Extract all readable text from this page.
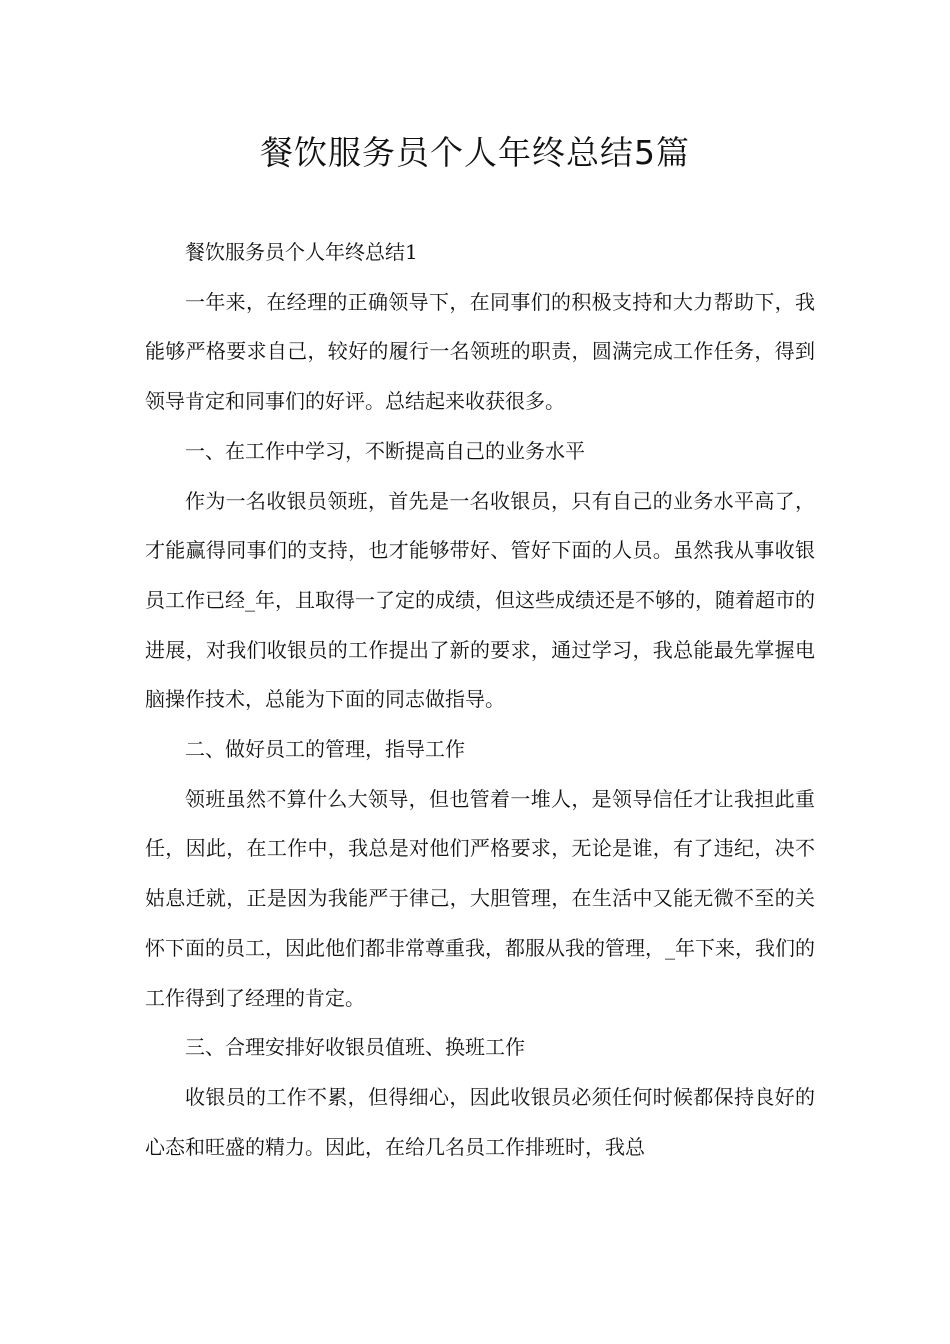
餐饮服务员个人年终总结5篇

餐饮服务员个人年终总结1

一年来，在经理的正确领导下，在同事们的积极支持和大力帮助下，我能够严格要求自己，较好的履行一名领班的职责，圆满完成工作任务，得到领导肯定和同事们的好评。总结起来收获很多。

一、在工作中学习，不断提高自己的业务水平

作为一名收银员领班，首先是一名收银员，只有自己的业务水平高了，才能赢得同事们的支持，也才能够带好、管好下面的人员。虽然我从事收银员工作已经_年，且取得一了定的成绩，但这些成绩还是不够的，随着超市的进展，对我们收银员的工作提出了新的要求，通过学习，我总能最先掌握电脑操作技术，总能为下面的同志做指导。

二、做好员工的管理，指导工作

领班虽然不算什么大领导，但也管着一堆人，是领导信任才让我担此重任，因此，在工作中，我总是对他们严格要求，无论是谁，有了违纪，决不姑息迁就，正是因为我能严于律己，大胆管理，在生活中又能无微不至的关怀下面的员工，因此他们都非常尊重我，都服从我的管理，_年下来，我们的工作得到了经理的肯定。

三、合理安排好收银员值班、换班工作

收银员的工作不累，但得细心，因此收银员必须任何时候都保持良好的心态和旺盛的精力。因此，在给几名员工作排班时，我总
